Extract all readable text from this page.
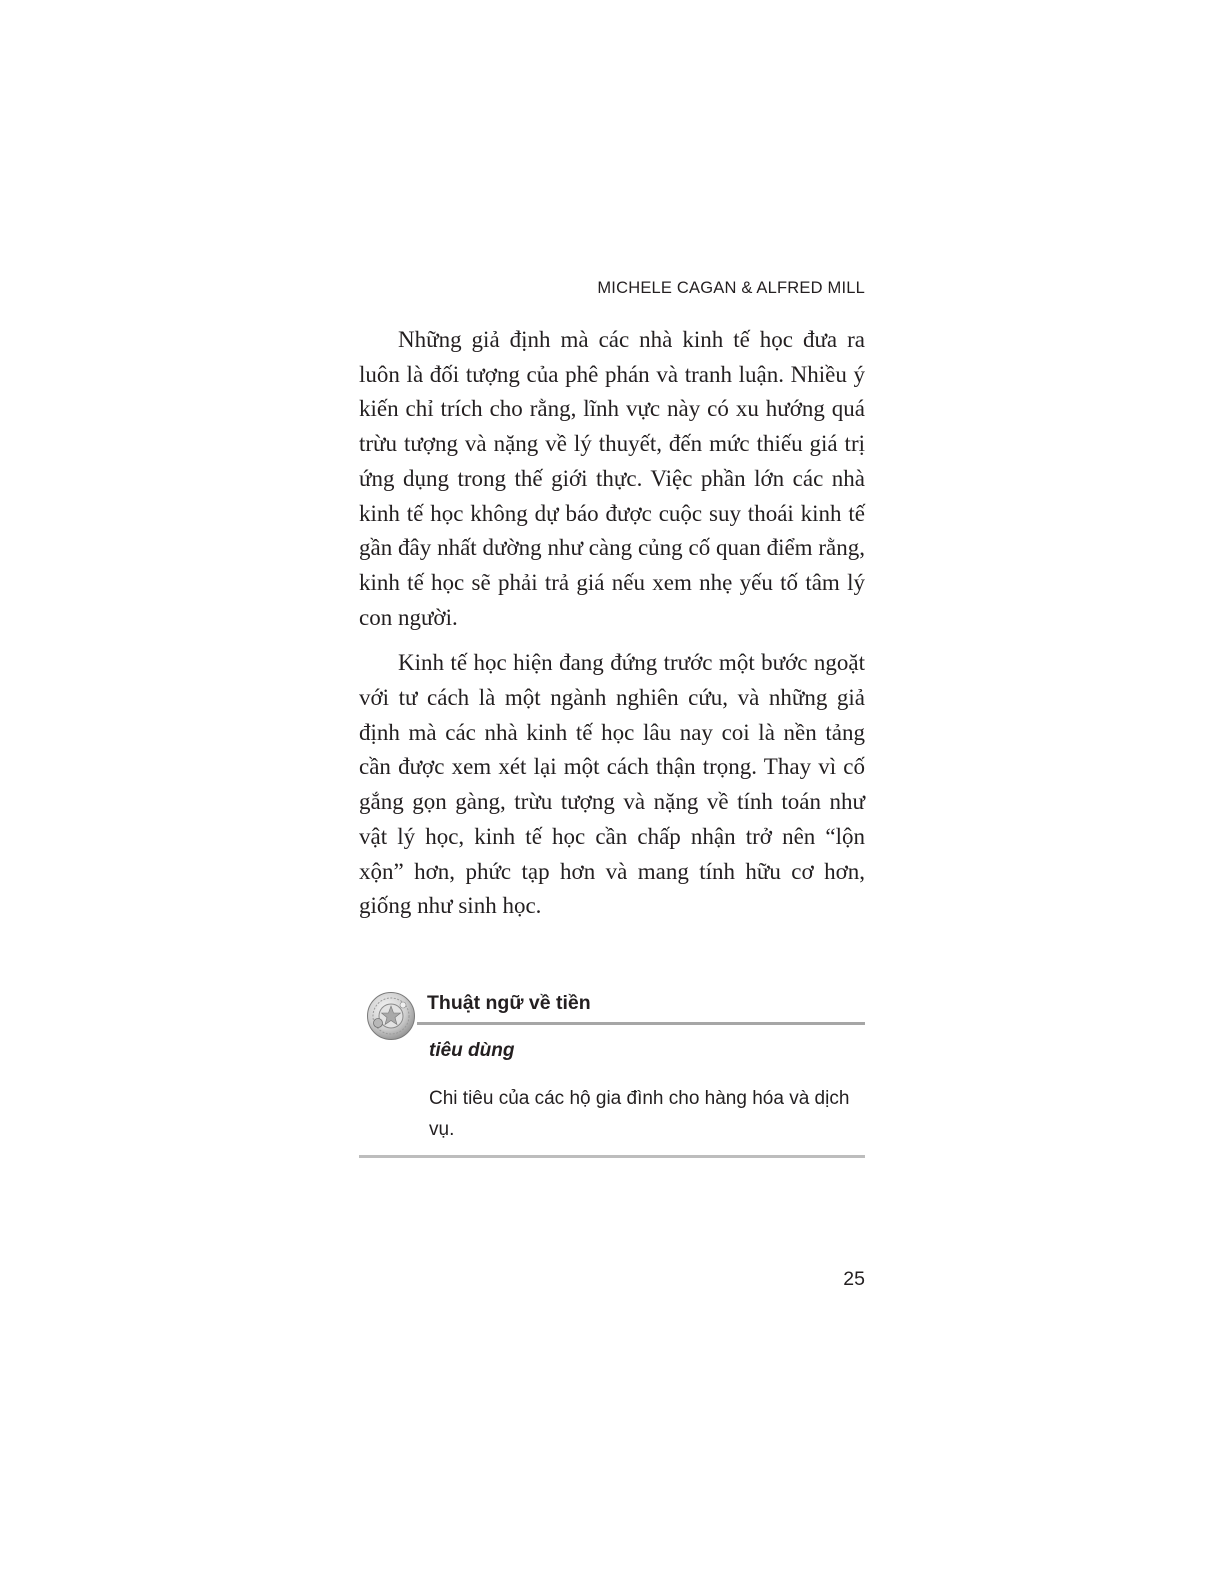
MICHELE CAGAN & ALFRED MILL

Những giả định mà các nhà kinh tế học đưa ra luôn là đối tượng của phê phán và tranh luận. Nhiều ý kiến chỉ trích cho rằng, lĩnh vực này có xu hướng quá trừu tượng và nặng về lý thuyết, đến mức thiếu giá trị ứng dụng trong thế giới thực. Việc phần lớn các nhà kinh tế học không dự báo được cuộc suy thoái kinh tế gần đây nhất dường như càng củng cố quan điểm rằng, kinh tế học sẽ phải trả giá nếu xem nhẹ yếu tố tâm lý con người.

Kinh tế học hiện đang đứng trước một bước ngoặt với tư cách là một ngành nghiên cứu, và những giả định mà các nhà kinh tế học lâu nay coi là nền tảng cần được xem xét lại một cách thận trọng. Thay vì cố gắng gọn gàng, trừu tượng và nặng về tính toán như vật lý học, kinh tế học cần chấp nhận trở nên “lộn xộn” hơn, phức tạp hơn và mang tính hữu cơ hơn, giống như sinh học.

Thuật ngữ về tiền
tiêu dùng
Chi tiêu của các hộ gia đình cho hàng hóa và dịch vụ.
25
